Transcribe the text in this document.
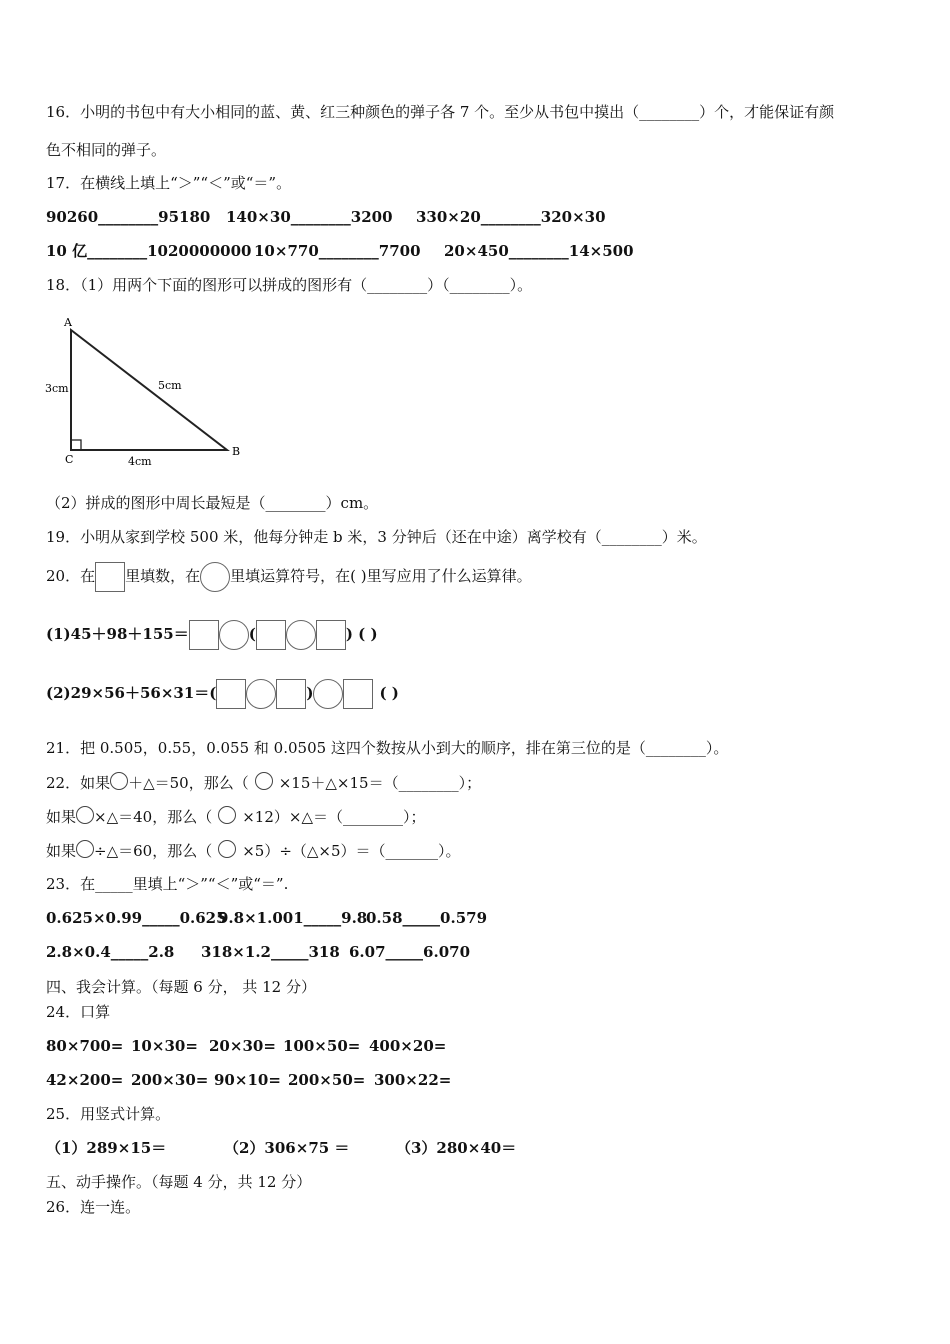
16．小明的书包中有大小相同的蓝、黄、红三种颜色的弹子各 7 个。至少从书包中摸出（________）个，才能保证有颜
色不相同的弹子。
17．在横线上填上“＞”“＜”或“＝”。
90260________95180 140×30________3200 330×20________320×30
10 亿________1020000000 10×770________7700 20×450________14×500
18．（1）用两个下面的图形可以拼成的图形有（________）（________）。
A
B
C
3cm	5cm
4cm
（2）拼成的图形中周长最短是（________）cm。
19．小明从家到学校 500 米，他每分钟走 b 米，3 分钟后（还在中途）离学校有（________）米。
20．在 里填数，在 里填运算符号，在( )里写应用了什么运算律。
(1)45＋98＋155＝	(	) ( )
(2)29×56＋56×31＝(	)	( )
21．把 0.505，0.55，0.055 和 0.0505 这四个数按从小到大的顺序，排在第三位的是（________）。
22．如果 ＋△＝50，那么（ ×15＋△×15＝（________）；
如果 ×△＝40，那么（ ×12）×△＝（________）；
如果 ÷△＝60，那么（ ×5）÷（△×5）＝（_______）。
23．在_____里填上“＞”“＜”或“＝”.
0.625×0.99_____0.6259.8×1.001_____9.80.58_____0.579
2.8×0.4_____2.8 318×1.2_____318 6.07_____6.070
四、我会计算。（每题 6 分， 共 12 分）
24．口算
80×700= 10×30= 20×30= 100×50= 400×20=
42×200= 200×30= 90×10= 200×50= 300×22=
25．用竖式计算。
（1）289×15＝	（2）306×75 ＝	（3）280×40＝
五、动手操作。（每题 4 分，共 12 分）
26．连一连。
